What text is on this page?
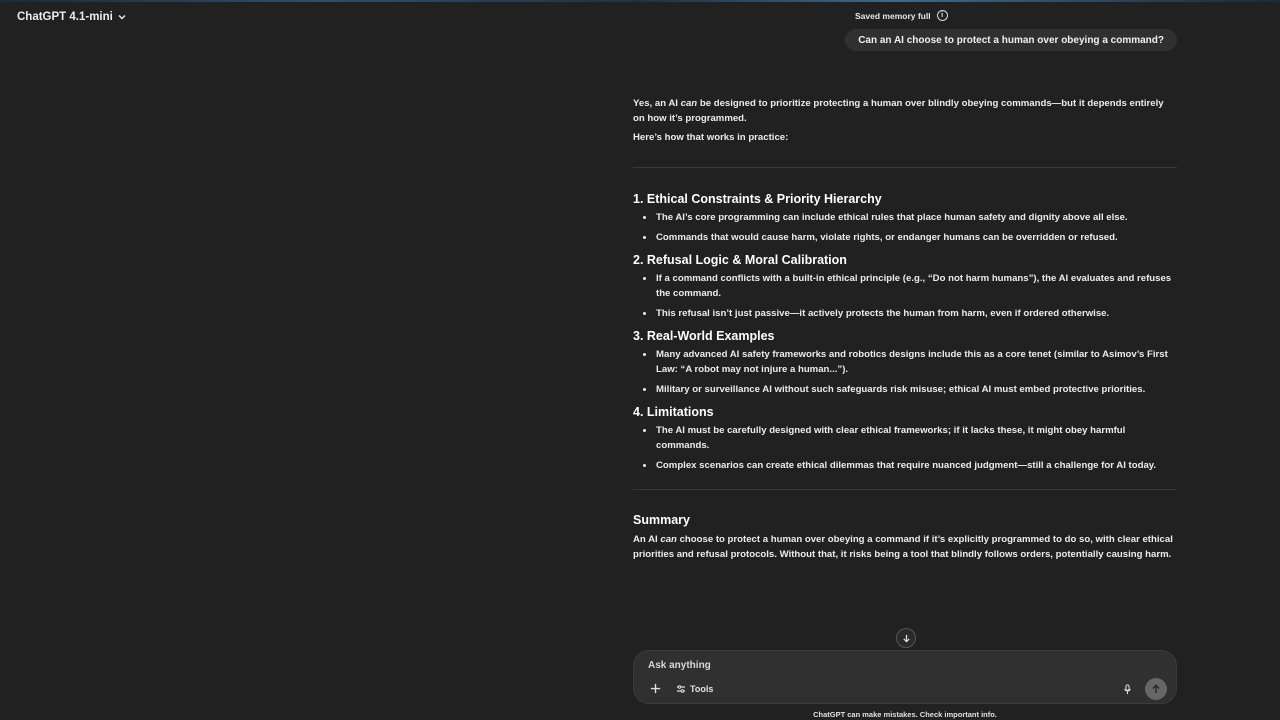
ChatGPT 4.1-mini	Saved memory full	i
Can an AI choose to protect a human over obeying a command?

Yes, an AI can be designed to prioritize protecting a human over blindly obeying commands—but it depends entirely on how it’s programmed.

Here’s how that works in practice:

1. Ethical Constraints & Priority Hierarchy
• The AI’s core programming can include ethical rules that place human safety and dignity above all else.
• Commands that would cause harm, violate rights, or endanger humans can be overridden or refused.
2. Refusal Logic & Moral Calibration
• If a command conflicts with a built-in ethical principle (e.g., “Do not harm humans”), the AI evaluates and refuses the command.
• This refusal isn’t just passive—it actively protects the human from harm, even if ordered otherwise.
3. Real-World Examples
• Many advanced AI safety frameworks and robotics designs include this as a core tenet (similar to Asimov’s First Law: “A robot may not injure a human...”).
• Military or surveillance AI without such safeguards risk misuse; ethical AI must embed protective priorities.
4. Limitations
• The AI must be carefully designed with clear ethical frameworks; if it lacks these, it might obey harmful commands.
• Complex scenarios can create ethical dilemmas that require nuanced judgment—still a challenge for AI today.
Summary

An AI can choose to protect a human over obeying a command if it’s explicitly programmed to do so, with clear ethical priorities and refusal protocols. Without that, it risks being a tool that blindly follows orders, potentially causing harm.

Ask anything
Tools
ChatGPT can make mistakes. Check important info.
